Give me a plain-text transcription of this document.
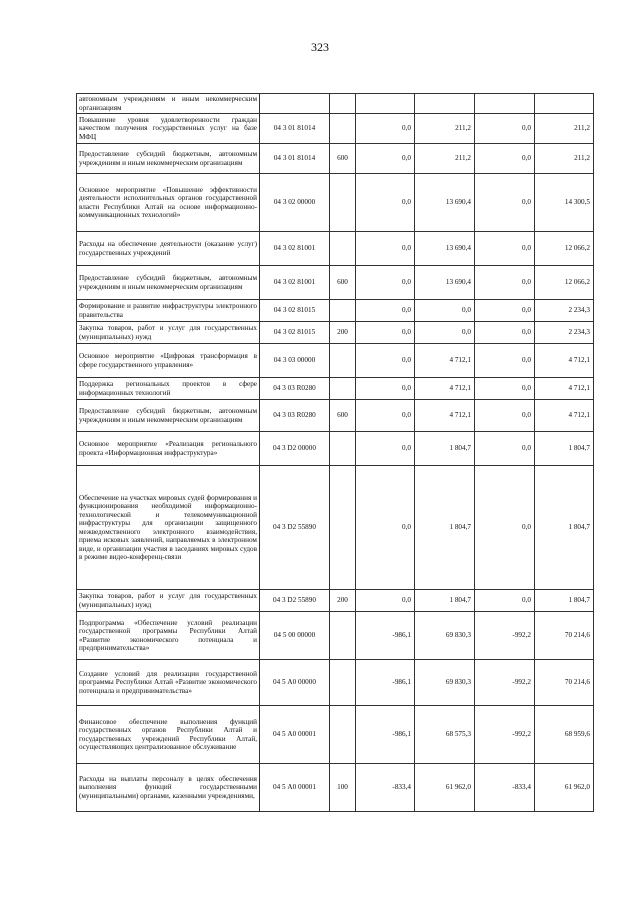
323
автономным учреждениям и иным некоммерческим организациям						
Повышение уровня удовлетворенности граждан качеством получения государственных услуг на базе МФЦ	04 3 01 81014		0,0	211,2	0,0	211,2
Предоставление субсидий бюджетным, автономным учреждениям и иным некоммерческим организациям	04 3 01 81014	600	0,0	211,2	0,0	211,2
Основное мероприятие «Повышение эффективности деятельности исполнительных органов государственной власти Республики Алтай на основе информационно-коммуникационных технологий»	04 3 02 00000		0,0	13 690,4	0,0	14 300,5
Расходы на обеспечение деятельности (оказание услуг) государственных учреждений	04 3 02 81001		0,0	13 690,4	0,0	12 066,2
Предоставление субсидий бюджетным, автономным учреждениям и иным некоммерческим организациям	04 3 02 81001	600	0,0	13 690,4	0,0	12 066,2
Формирование и развитие инфраструктуры электронного правительства	04 3 02 81015		0,0	0,0	0,0	2 234,3
Закупка товаров, работ и услуг для государственных (муниципальных) нужд	04 3 02 81015	200	0,0	0,0	0,0	2 234,3
Основное мероприятие «Цифровая трансформация в сфере государственного управления»	04 3 03 00000		0,0	4 712,1	0,0	4 712,1
Поддержка региональных проектов в сфере информационных технологий	04 3 03 R0280		0,0	4 712,1	0,0	4 712,1
Предоставление субсидий бюджетным, автономным учреждениям и иным некоммерческим организациям	04 3 03 R0280	600	0,0	4 712,1	0,0	4 712,1
Основное мероприятие «Реализация регионального проекта «Информационная инфраструктура»	04 3 D2 00000		0,0	1 804,7	0,0	1 804,7
Обеспечение на участках мировых судей формирования и функционирования необходимой информационно-технологической и телекоммуникационной инфраструктуры для организации защищенного межведомственного электронного взаимодействия, приема исковых заявлений, направляемых в электронном виде, и организации участия в заседаниях мировых судов в режиме видео-конференц-связи	04 3 D2 55890		0,0	1 804,7	0,0	1 804,7
Закупка товаров, работ и услуг для государственных (муниципальных) нужд	04 3 D2 55890	200	0,0	1 804,7	0,0	1 804,7
Подпрограмма «Обеспечение условий реализации государственной программы Республики Алтай «Развитие экономического потенциала и предпринимательства»	04 5 00 00000		-986,1	69 830,3	-992,2	70 214,6
Создание условий для реализации государственной программы Республики Алтай «Развитие экономического потенциала и предпринимательства»	04 5 А0 00000		-986,1	69 830,3	-992,2	70 214,6
Финансовое обеспечение выполнения функций государственных органов Республики Алтай и государственных учреждений Республики Алтай, осуществляющих централизованное обслуживание	04 5 А0 00001		-986,1	68 575,3	-992,2	68 959,6
Расходы на выплаты персоналу в целях обеспечения выполнения функций государственными (муниципальными) органами, казенными учреждениями,	04 5 А0 00001	100	-833,4	61 962,0	-833,4	61 962,0
